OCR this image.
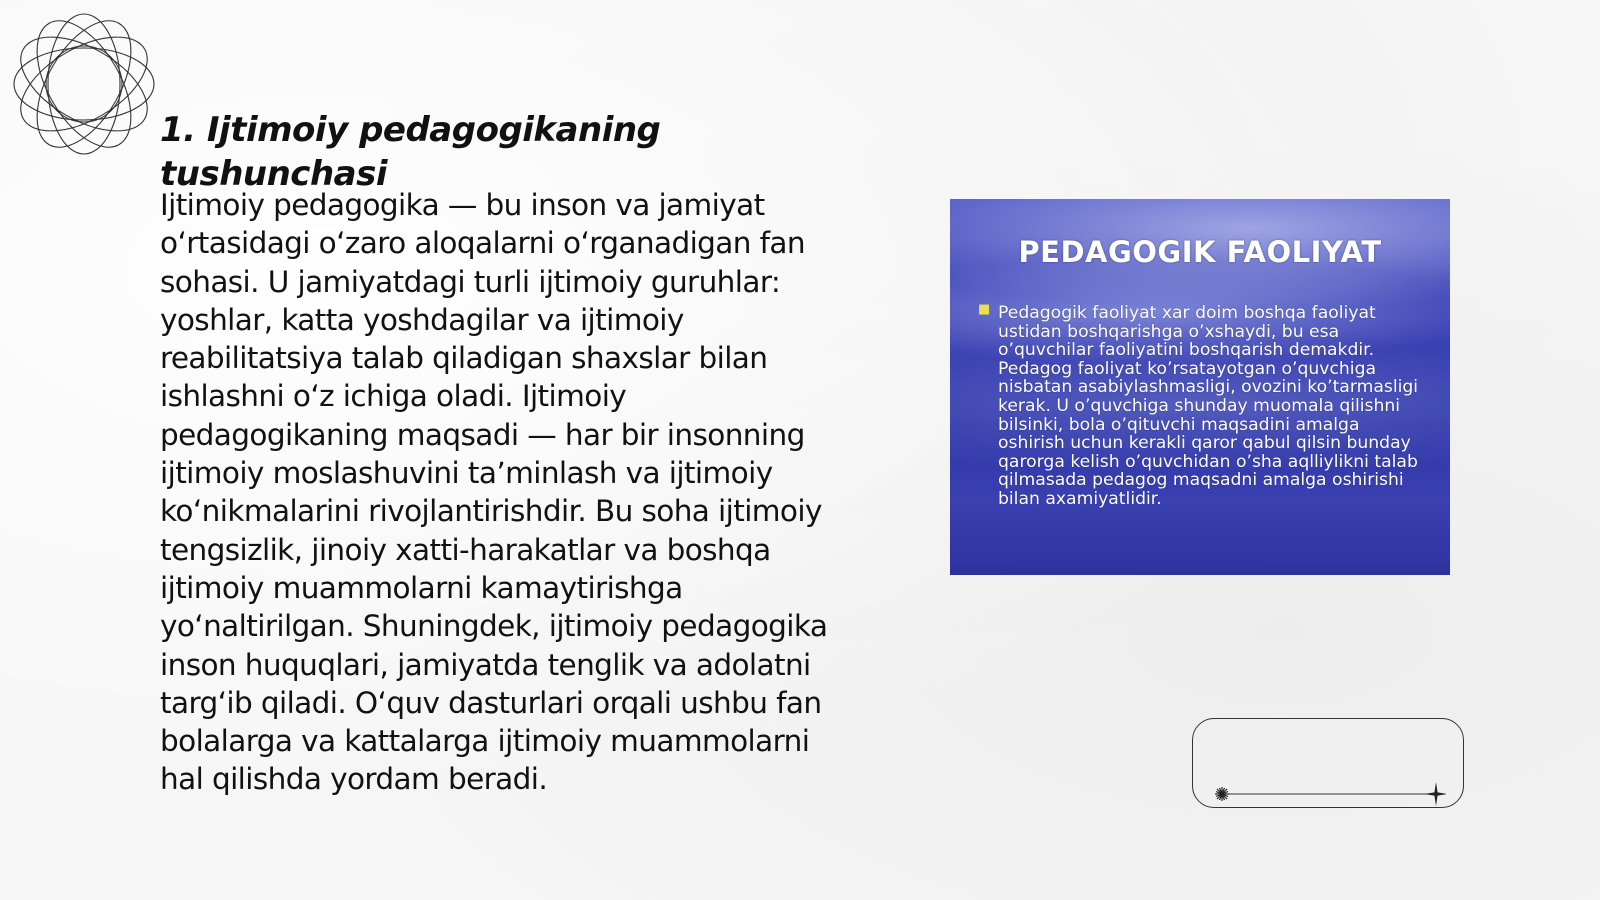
1. Ijtimoiy pedagogikaning tushunchasi

Ijtimoiy pedagogika — bu inson va jamiyat o‘rtasidagi o‘zaro aloqalarni o‘rganadigan fan sohasi. U jamiyatdagi turli ijtimoiy guruhlar: yoshlar, katta yoshdagilar va ijtimoiy reabilitatsiya talab qiladigan shaxslar bilan ishlashni o‘z ichiga oladi. Ijtimoiy pedagogikaning maqsadi — har bir insonning ijtimoiy moslashuvini ta’minlash va ijtimoiy ko‘nikmalarini rivojlantirishdir. Bu soha ijtimoiy tengsizlik, jinoiy xatti-harakatlar va boshqa ijtimoiy muammolarni kamaytirishga yo‘naltirilgan. Shuningdek, ijtimoiy pedagogika inson huquqlari, jamiyatda tenglik va adolatni targ‘ib qiladi. O‘quv dasturlari orqali ushbu fan bolalarga va kattalarga ijtimoiy muammolarni hal qilishda yordam beradi.

PEDAGOGIK FAOLIYAT
■ Pedagogik faoliyat xar doim boshqa faoliyat ustidan boshqarishga o’xshaydi, bu esa o’quvchilar faoliyatini boshqarish demakdir. Pedagog faoliyat ko’rsatayotgan o’quvchiga nisbatan asabiylashmasligi, ovozini ko’tarmasligi kerak. U o’quvchiga shunday muomala qilishni bilsinki, bola o’qituvchi maqsadini amalga oshirish uchun kerakli qaror qabul qilsin bunday qarorga kelish o’quvchidan o’sha aqlliylikni talab qilmasada pedagog maqsadni amalga oshirishi bilan axamiyatlidir.
